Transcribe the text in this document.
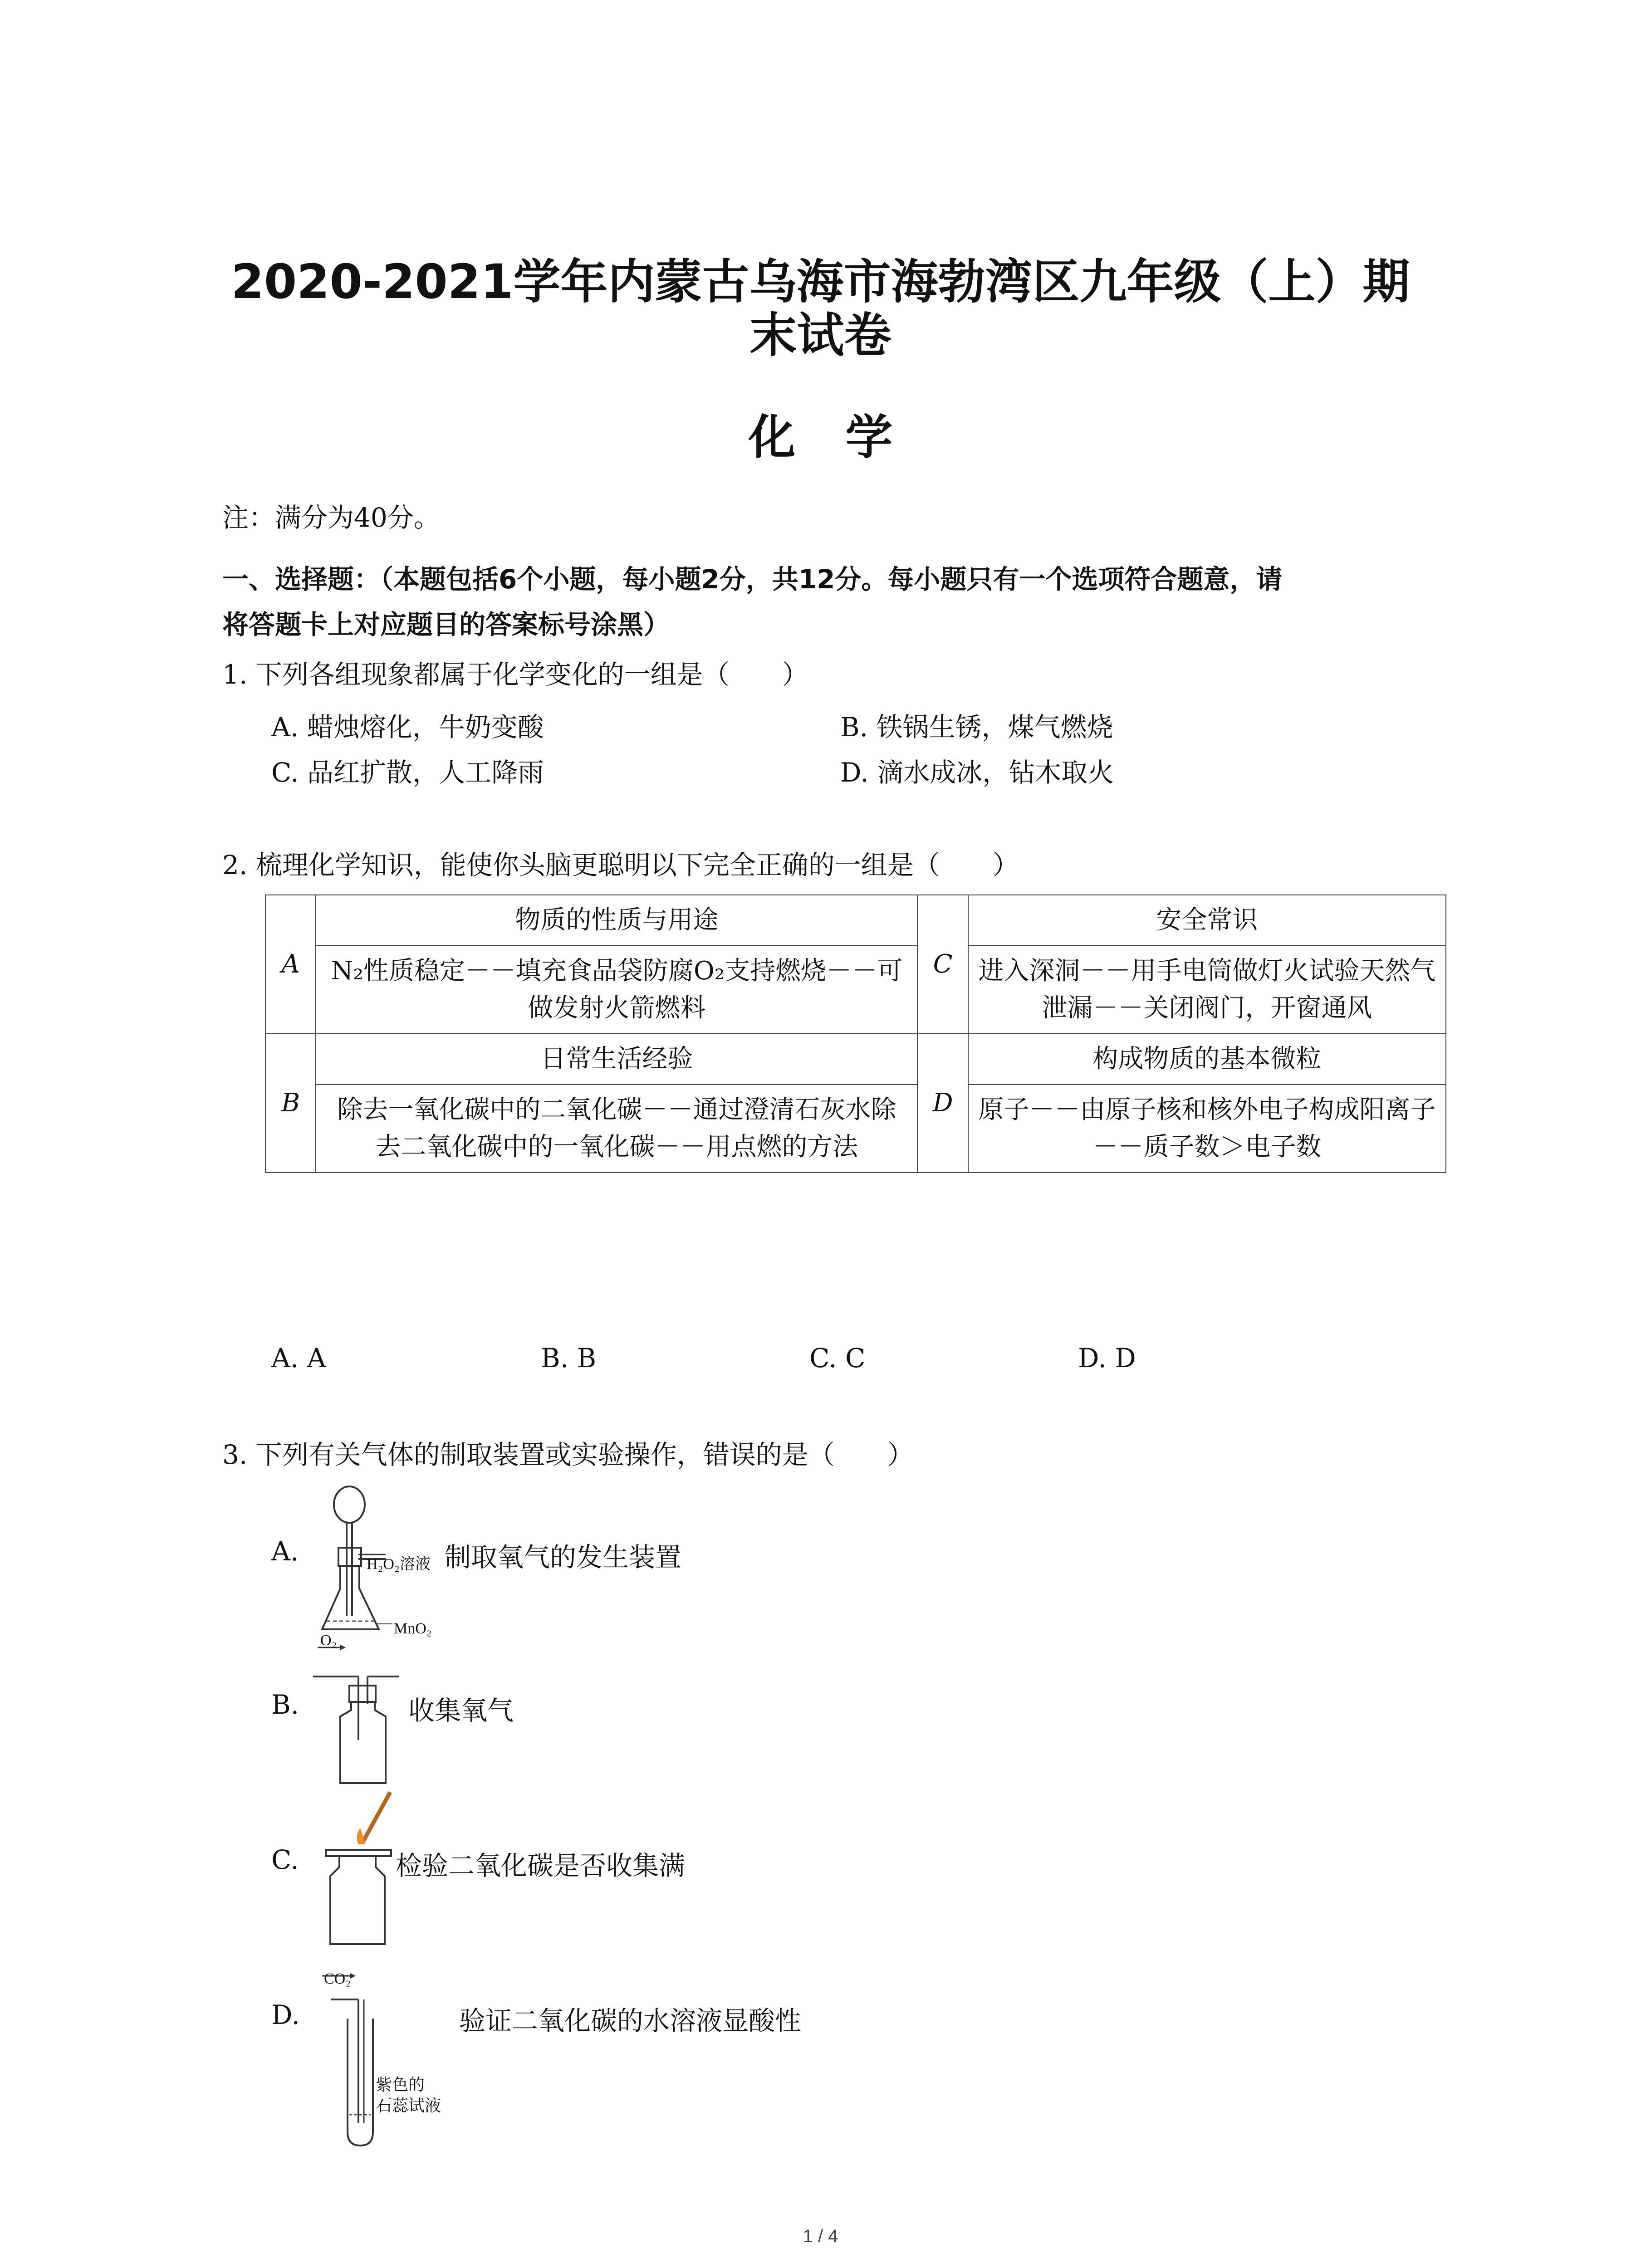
2020-2021学年内蒙古乌海市海勃湾区九年级（上）期
末试卷
化学
注：满分为40分。
一、选择题：（本题包括6个小题，每小题2分，共12分。每小题只有一个选项符合题意，请
将答题卡上对应题目的答案标号涂黑）
1. 下列各组现象都属于化学变化的一组是（　　）
A. 蜡烛熔化，牛奶变酸	B. 铁锅生锈，煤气燃烧
C. 品红扩散，人工降雨	D. 滴水成冰，钻木取火
2. 梳理化学知识，能使你头脑更聪明以下完全正确的一组是（　　）
A	物质的性质与用途	C	安全常识
	N₂性质稳定－－填充食品袋防腐O₂支持燃烧－－可做发射火箭燃料		进入深洞－－用手电筒做灯火试验天然气泄漏－－关闭阀门，开窗通风
B	日常生活经验	D	构成物质的基本微粒
	除去一氧化碳中的二氧化碳－－通过澄清石灰水除去二氧化碳中的一氧化碳－－用点燃的方法		原子－－由原子核和核外电子构成阳离子－－质子数＞电子数
A. A	B. B	C. C	D. D
3. 下列有关气体的制取装置或实验操作，错误的是（　　）
A.	H₂O₂溶液
MnO₂
O₂
制取氧气的发生装置
B.	收集氧气
C.
CO₂
检验二氧化碳是否收集满
D.
紫色的
石蕊试液
验证二氧化碳的水溶液显酸性
1 / 4
